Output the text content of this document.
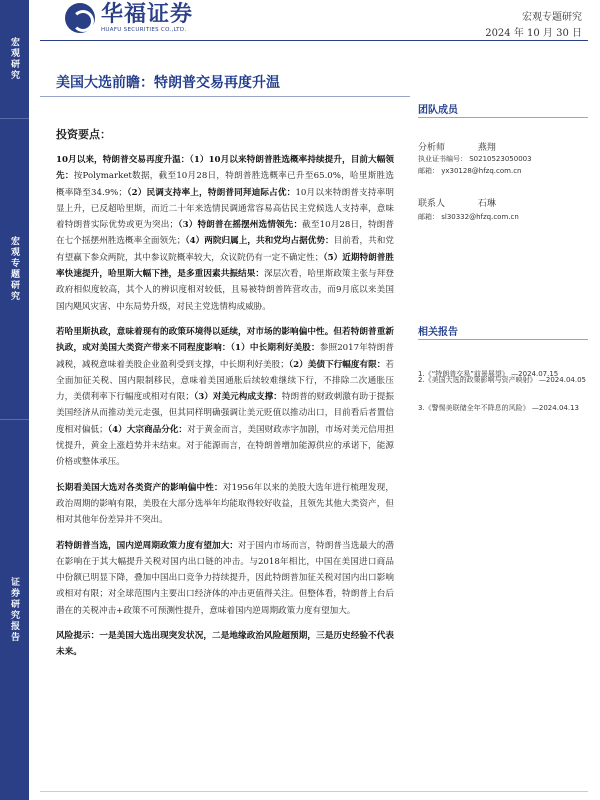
宏观研究
宏观专题研究
证券研究报告
华福证券
HUAFU SECURITIES CO.,LTD.
宏观专题研究
2024 年 10 月 30 日
美国大选前瞻：特朗普交易再度升温
团队成员
分析师	燕翔
执业证书编号： S0210523050003
邮箱： yx30128@hfzq.com.cn
联系人	石琳
邮箱： sl30332@hfzq.com.cn
相关报告
1.《“特朗普交易”前景展望》 —2024.07.15
2.《美国大选的政策影响与资产映射》 —2024.04.05
3.《警惕美联储全年不降息的风险》 —2024.04.13
投资要点：

10月以来，特朗普交易再度升温：（1）10月以来特朗普胜选概率持续提升，目前大幅领先：按Polymarket数据，截至10月28日，特朗普胜选概率已升至65.0%，哈里斯胜选概率降至34.9%；（2）民调支持率上，特朗普同拜迪际占优：10月以来特朗普支持率明显上升，已反超哈里斯，而近二十年来选情民调通常容易高估民主党候选人支持率，意味着特朗普实际优势或更为突出；（3）特朗普在摇摆州选情领先：截至10月28日，特朗普在七个摇摆州胜选概率全面领先；（4）两院归属上，共和党均占据优势：目前看，共和党有望赢下参众两院，其中参议院概率较大，众议院仍有一定不确定性；（5）近期特朗普胜率快速提升，哈里斯大幅下挫，是多重因素共振结果：深层次看，哈里斯政策主张与拜登政府相似度较高，其个人的辨识度相对较低，且易被特朗普阵营攻击，而9月底以来美国国内飓风灾害、中东局势升级，对民主党选情构成威胁。

若哈里斯执政，意味着现有的政策环境得以延续，对市场的影响偏中性。但若特朗普重新执政，或对美国大类资产带来不同程度影响：（1）中长期利好美股：参照2017年特朗普减税，减税意味着美股企业盈利受到支撑，中长期利好美股；（2）美债下行幅度有限：若全面加征关税、国内限制移民，意味着美国通胀后续较难继续下行，不排除二次通胀压力，美债利率下行幅度或相对有限；（3）对美元构成支撑：特朗普的财政刺激有助于提振美国经济从而推动美元走强，但其同样明确强调让美元贬值以推动出口，目前看后者置信度相对偏低；（4）大宗商品分化：对于黄金而言，美国财政赤字加剧，市场对美元信用担忧提升，黄金上涨趋势并未结束。对于能源而言，在特朗普增加能源供应的承诺下，能源价格或整体承压。

长期看美国大选对各类资产的影响偏中性：对1956年以来的美股大选年进行梳理发现，政治周期的影响有限，美股在大部分选举年均能取得较好收益，且领先其他大类资产，但相对其他年份差异并不突出。

若特朗普当选，国内逆周期政策力度有望加大：对于国内市场而言，特朗普当选最大的潜在影响在于其大幅提升关税对国内出口链的冲击。与2018年相比，中国在美国进口商品中份额已明显下降，叠加中国出口竞争力持续提升，因此特朗普加征关税对国内出口影响或相对有限；对全球范围内主要出口经济体的冲击更值得关注。但整体看，特朗普上台后潜在的关税冲击+政策不可预测性提升，意味着国内逆周期政策力度有望加大。

风险提示：一是美国大选出现突发状况，二是地缘政治风险超预期，三是历史经验不代表未来。
